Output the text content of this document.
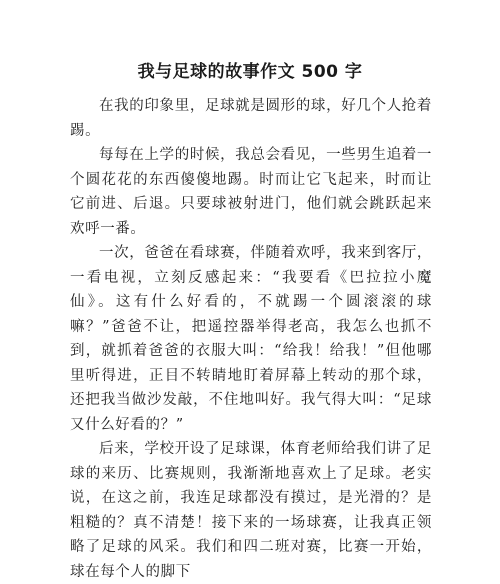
我与足球的故事作文 500 字

在我的印象里，足球就是圆形的球，好几个人抢着踢。

每每在上学的时候，我总会看见，一些男生追着一个圆花花的东西傻傻地踢。时而让它飞起来，时而让它前进、后退。只要球被射进门，他们就会跳跃起来欢呼一番。

一次，爸爸在看球赛，伴随着欢呼，我来到客厅，一看电视，立刻反感起来：“我要看《巴拉拉小魔仙》。这有什么好看的，不就踢一个圆滚滚的球嘛？”爸爸不让，把遥控器举得老高，我怎么也抓不到，就抓着爸爸的衣服大叫：“给我！给我！”但他哪里听得进，正目不转睛地盯着屏幕上转动的那个球，还把我当做沙发敲，不住地叫好。我气得大叫：“足球又什么好看的？”

后来，学校开设了足球课，体育老师给我们讲了足球的来历、比赛规则，我渐渐地喜欢上了足球。老实说，在这之前，我连足球都没有摸过，是光滑的？是粗糙的？真不清楚！接下来的一场球赛，让我真正领略了足球的风采。我们和四二班对赛，比赛一开始，球在每个人的脚下
